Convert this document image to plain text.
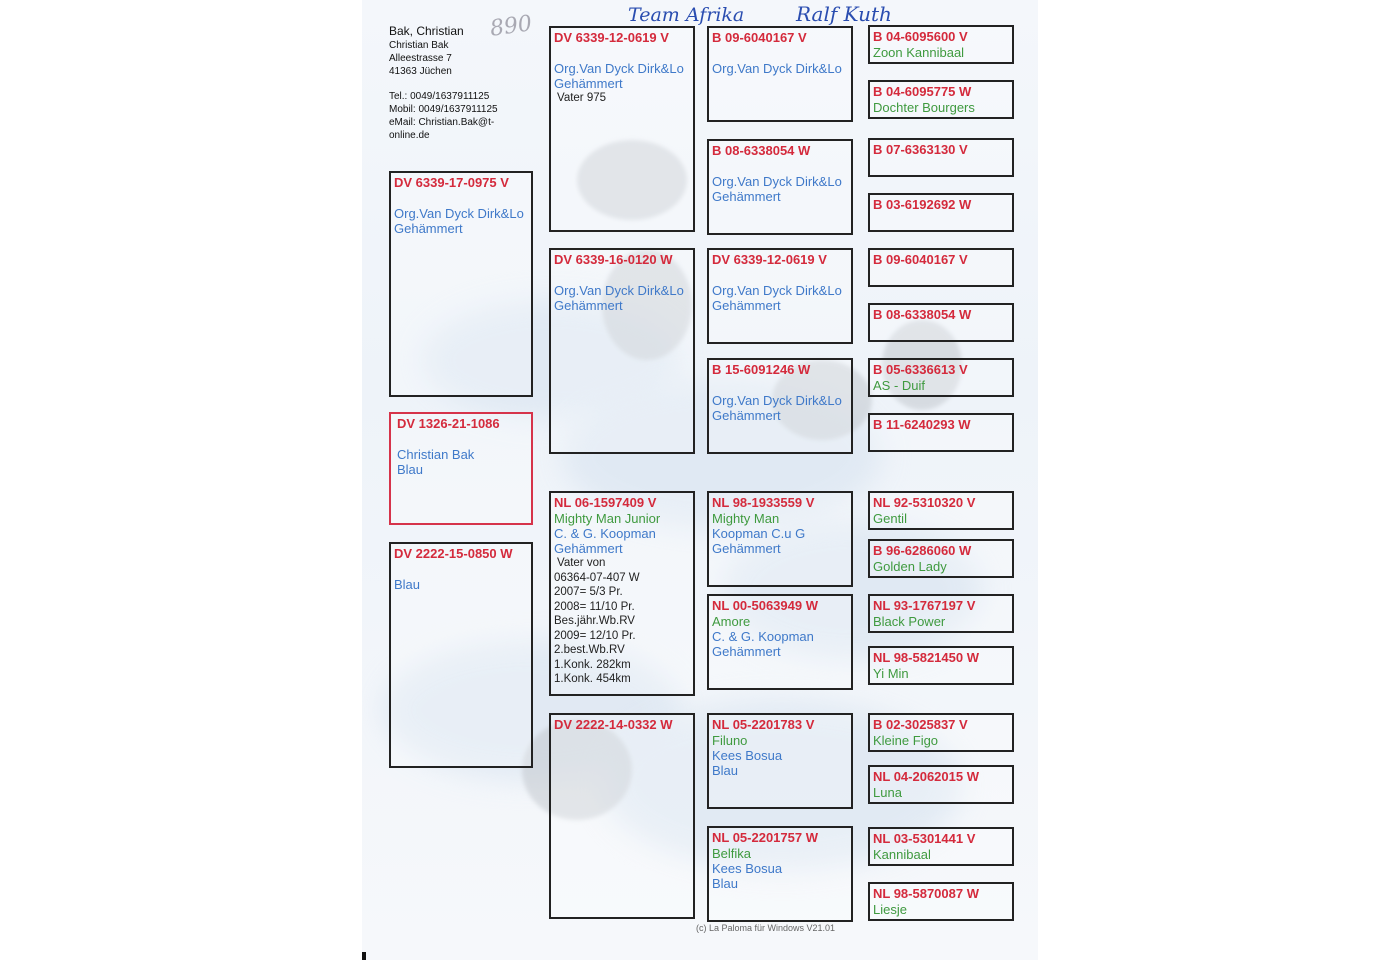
Team Afrika	Ralf Kuth
890
Bak, Christian
Christian Bak
Alleestrasse 7
41363 Jüchen
Tel.: 0049/1637911125
Mobil: 0049/1637911125
eMail: Christian.Bak@t-
online.de
DV 6339-17-0975 V
Org.Van Dyck Dirk&Lo
Gehämmert
DV 1326-21-1086
Christian Bak
Blau
DV 2222-15-0850 W
Blau
DV 6339-12-0619 V
Org.Van Dyck Dirk&Lo
Gehämmert
Vater 975
DV 6339-16-0120 W
Org.Van Dyck Dirk&Lo
Gehämmert
NL 06-1597409 V
Mighty Man Junior
C. & G. Koopman
Gehämmert
Vater von
06364-07-407 W
2007= 5/3 Pr.
2008= 11/10 Pr.
Bes.jähr.Wb.RV
2009= 12/10 Pr.
2.best.Wb.RV
1.Konk. 282km
1.Konk. 454km
DV 2222-14-0332 W
B 09-6040167 V
Org.Van Dyck Dirk&Lo
B 08-6338054 W
Org.Van Dyck Dirk&Lo
Gehämmert
DV 6339-12-0619 V
Org.Van Dyck Dirk&Lo
Gehämmert
B 15-6091246 W
Org.Van Dyck Dirk&Lo
Gehämmert
NL 98-1933559 V
Mighty Man
Koopman C.u G
Gehämmert
NL 00-5063949 W
Amore
C. & G. Koopman
Gehämmert
NL 05-2201783 V
Filuno
Kees Bosua
Blau
NL 05-2201757 W
Belfika
Kees Bosua
Blau
B 04-6095600 V
Zoon Kannibaal
B 04-6095775 W
Dochter Bourgers
B 07-6363130 V
B 03-6192692 W
B 09-6040167 V
B 08-6338054 W
B 05-6336613 V
AS - Duif
B 11-6240293 W
NL 92-5310320 V
Gentil
B 96-6286060 W
Golden Lady
NL 93-1767197 V
Black Power
NL 98-5821450 W
Yi Min
B 02-3025837 V
Kleine Figo
NL 04-2062015 W
Luna
NL 03-5301441 V
Kannibaal
NL 98-5870087 W
Liesje
(c) La Paloma für Windows V21.01
